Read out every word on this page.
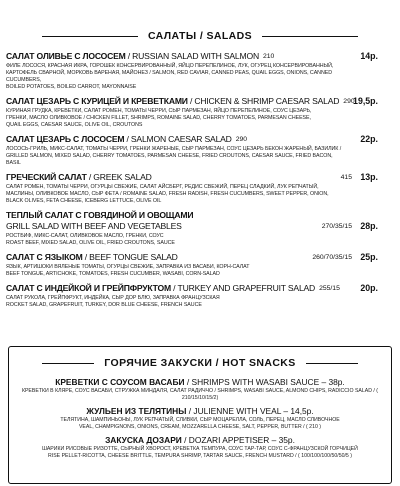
САЛАТЫ / SALADS
САЛАТ ОЛИВЬЕ С ЛОСОСЕМ / RUSSIAN SALAD WITH SALMON 210	14р.
ФИЛЕ ЛОСОСЯ, КРАСНАЯ ИКРА, ГОРОШЕК КОНСЕРВИРОВАННЫЙ, ЯЙЦО ПЕРЕПЕЛИНОЕ, ЛУК, ОГУРЕЦ КОНСЕРВИРОВАННЫЙ,
КАРТОФЕЛЬ СВАРНОЙ, МОРКОВЬ ВАРЕНАЯ, МАЙОНЕЗ / SALMON, RED CAVIAR, CANNED PEAS, QUAIL EGGS, ONIONS, CANNED CUCUMBERS,
BOILED POTATOES, BOILED CARROT, MAYONNAISE
САЛАТ ЦЕЗАРЬ С КУРИЦЕЙ И КРЕВЕТКАМИ / CHICKEN & SHRIMP CAESAR SALAD 290
19,5р.
КУРИНАЯ ГРУДКА, КРЕВЕТКИ, САЛАТ РОМЕН, ТОМАТЫ ЧЕРРИ, СЫР ПАРМЕЗАН, ЯЙЦО ПЕРЕПЕЛИНОЕ, СОУС ЦЕЗАРЬ,
ГРЕНКИ, МАСЛО ОЛИВКОВОЕ / CHICKEN FILLET, SHRIMPS, ROMAINE SALAD, CHERRY TOMATOES, PARMESAN CHEESE,
QUAIL EGGS, CAESAR SAUCE, OLIVE OIL, CROUTONS
САЛАТ ЦЕЗАРЬ С ЛОСОСЕМ / SALMON CAESAR SALAD 290	22р.
ЛОСОСЬ-ГРИЛЬ, МИКС-САЛАТ, ТОМАТЫ ЧЕРРИ, ГРЕНКИ ЖАРЕНЫЕ, СЫР ПАРМЕЗАН, СОУС ЦЕЗАРЬ БЕКОН ЖАРЕНЫЙ, БАЗИЛИК /
GRILLED SALMON, MIXED SALAD, CHERRY TOMATOES, PARMESAN CHEESE, FRIED CROUTONS, CAESAR SAUCE, FRIED BACON, BASIL
ГРЕЧЕСКИЙ САЛАТ / GREEK SALAD	415 13р.
САЛАТ РОМЕН, ТОМАТЫ ЧЕРРИ, ОГУРЦЫ СВЕЖИЕ, САЛАТ АЙСБЕРГ, РЕДИС СВЕЖИЙ, ПЕРЕЦ СЛАДКИЙ, ЛУК РЕПЧАТЫЙ,
МАСЛИНЫ, ОЛИВКОВОЕ МАСЛО, СЫР ФЕТА / ROMAINE SALAD, FRESH RADISH, FRESH CUCUMBERS, SWEET PEPPER, ONION,
BLACK OLIVES, FETA CHEESE, ICEBERG LETTUCE, OLIVE OIL
ТЕПЛЫЙ САЛАТ С ГОВЯДИНОЙ И ОВОЩАМИ
GRILL SALAD WITH BEEF AND VEGETABLES	270/35/15 28р.
РОСТБИФ, МИКС-САЛАТ, ОЛИВКОВОЕ МАСЛО, ГРЕНКИ, СОУС
ROAST BEEF, MIXED SALAD, OLIVE OIL, FRIED CROUTONS, SAUCE
САЛАТ С ЯЗЫКОМ / BEEF TONGUE SALAD	260/70/35/15 25р.
ЯЗЫК, АРТИШОКИ ВЯЛЕНЫЕ ТОМАТЫ, ОГУРЦЫ СВЕЖИЕ, ЗАПРАВКА ИЗ ВАСАБИ, КОРН-САЛАТ
BEEF TONGUE, ARTICHOKE, TOMATOES, FRESH CUCUMBER, WASABI, CORN-SALAD
САЛАТ С ИНДЕЙКОЙ И ГРЕЙПФРУКТОМ / TURKEY AND GRAPEFRUIT SALAD 255/15 20р.
САЛАТ РУКОЛА, ГРЕЙПФРУКТ, ИНДЕЙКА, СЫР ДОР БЛЮ, ЗАПРАВКА ФРАНЦУЗСКАЯ
ROCKET SALAD, GRAPEFRUIT, TURKEY, DOR BLUE CHEESE, FRENCH SAUCE
ГОРЯЧИЕ ЗАКУСКИ / HOT SNACKS
КРЕВЕТКИ С СОУСОМ ВАСАБИ / SHRIMPS WITH WASABI SAUCE – 38р.
КРЕВЕТКИ В КЛЯРЕ, СОУС ВАСАБИ, СТРУЖКА МИНДАЛЯ, САЛАТ РАДИЧЧО / SHRIMPS, WASABI SAUCE, ALMOND CHIPS, RADICCIO SALAD / ( 210/15/10/15/2)
ЖУЛЬЕН ИЗ ТЕЛЯТИНЫ / JULIENNE WITH VEAL – 14,5р.
ТЕЛЯТИНА, ШАМПИНЬОНЫ, ЛУК РЕПЧАТЫЙ, СЛИВКИ, СЫР МОЦАРЕЛЛА, СОЛЬ, ПЕРЕЦ, МАСЛО СЛИВОЧНОЕ
VEAL, CHAMPIGNONS, ONIONS, CREAM, MOZZARELLA CHEESE, SALT, PEPPER, BUTTER / ( 210 )
ЗАКУСКА ДОЗАРИ / DOZARI APPETISER – 35р.
ШАРИКИ РИСОВЫЕ РИЗОТТЕ, СЫРНЫЙ ХВОРОСТ, КРЕВЕТКА ТЕМПУРА, СОУС ТАР-ТАР, СОУС С-ФРАНЦУЗСКОЙ ГОРЧИЦЕЙ
RISE PELLET-RICOTTA, CHEESE BRITTLE, TEMPURA SHRIMP, TARTAR SAUCE, FRENCH MUSTARD / ( 100/100/100/50/50/5 )
